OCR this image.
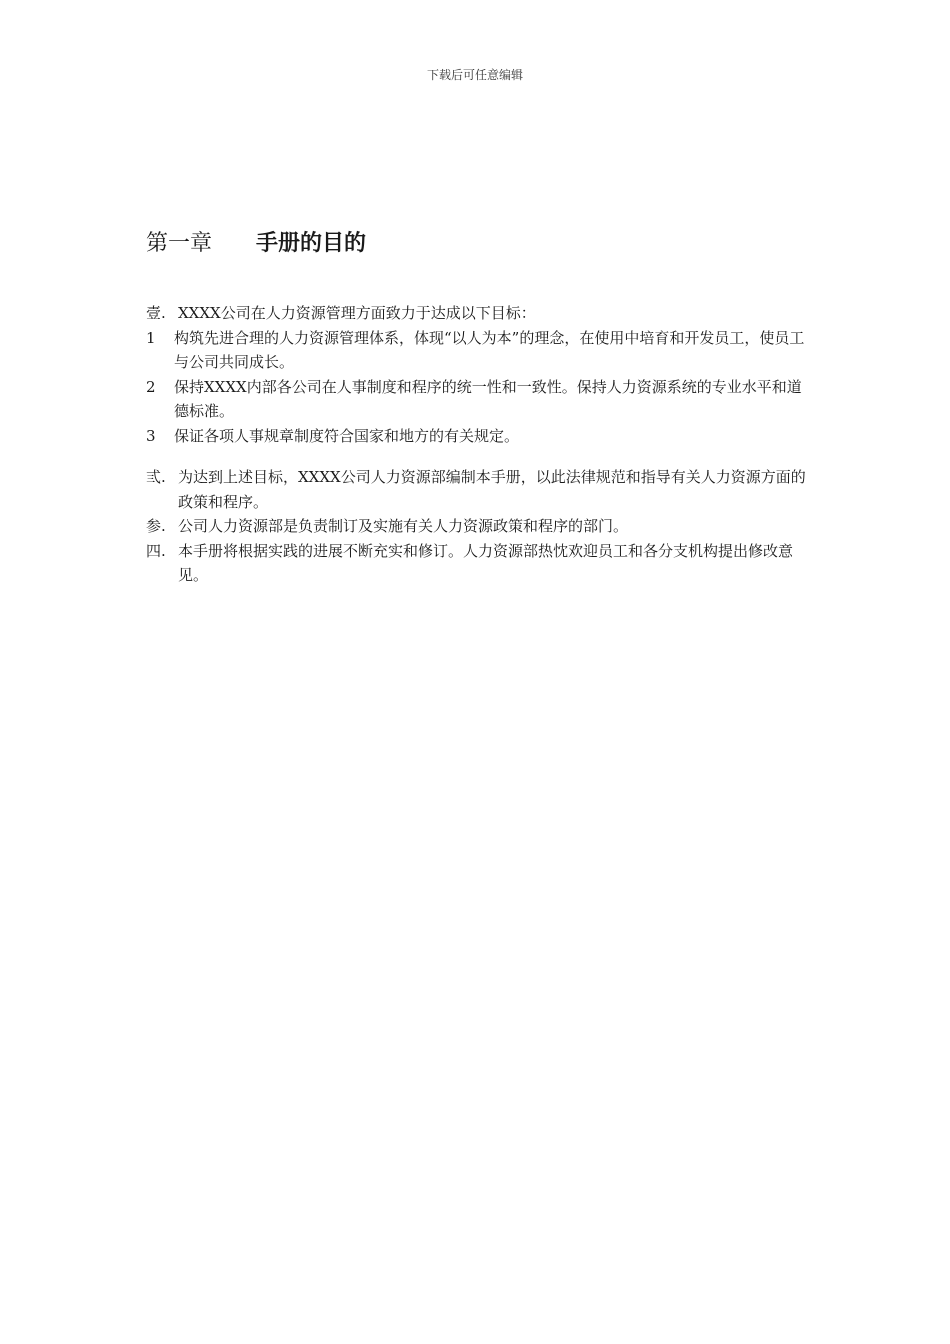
下载后可任意编辑
第一章 手册的目的

壹. XXXX公司在人力资源管理方面致力于达成以下目标：

1 构筑先进合理的人力资源管理体系，体现“以人为本”的理念，在使用中培育和开发员工，使员工与公司共同成长。

2 保持XXXX内部各公司在人事制度和程序的统一性和一致性。保持人力资源系统的专业水平和道德标准。

3 保证各项人事规章制度符合国家和地方的有关规定。

弎. 为达到上述目标，XXXX公司人力资源部编制本手册，以此法律规范和指导有关人力资源方面的政策和程序。

参. 公司人力资源部是负责制订及实施有关人力资源政策和程序的部门。

四. 本手册将根据实践的进展不断充实和修订。人力资源部热忱欢迎员工和各分支机构提出修改意见。
